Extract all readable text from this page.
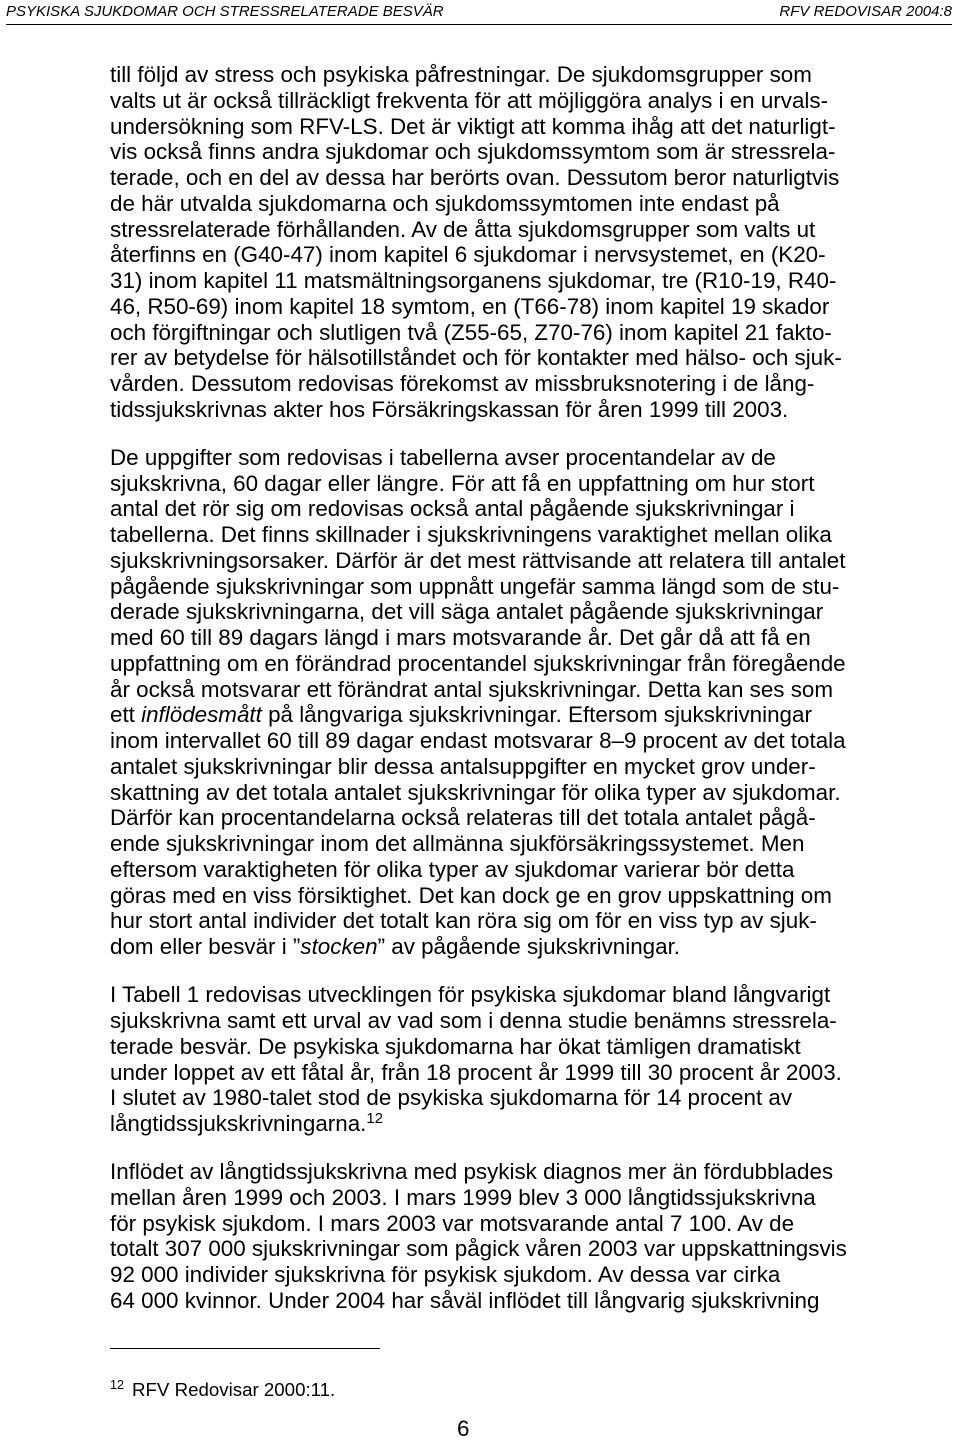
PSYKISKA SJUKDOMAR OCH STRESSRELATERADE BESVÄR	RFV REDOVISAR 2004:8
till följd av stress och psykiska påfrestningar. De sjukdomsgrupper som
valts ut är också tillräckligt frekventa för att möjliggöra analys i en urvals-
undersökning som RFV-LS. Det är viktigt att komma ihåg att det naturligt-
vis också finns andra sjukdomar och sjukdomssymtom som är stressrela-
terade, och en del av dessa har berörts ovan. Dessutom beror naturligtvis
de här utvalda sjukdomarna och sjukdomssymtomen inte endast på
stressrelaterade förhållanden. Av de åtta sjukdomsgrupper som valts ut
återfinns en (G40-47) inom kapitel 6 sjukdomar i nervsystemet, en (K20-
31) inom kapitel 11 matsmältningsorganens sjukdomar, tre (R10-19, R40-
46, R50-69) inom kapitel 18 symtom, en (T66-78) inom kapitel 19 skador
och förgiftningar och slutligen två (Z55-65, Z70-76) inom kapitel 21 fakto-
rer av betydelse för hälsotillståndet och för kontakter med hälso- och sjuk-
vården. Dessutom redovisas förekomst av missbruksnotering i de lång-
tidssjukskrivnas akter hos Försäkringskassan för åren 1999 till 2003.
De uppgifter som redovisas i tabellerna avser procentandelar av de
sjukskrivna, 60 dagar eller längre. För att få en uppfattning om hur stort
antal det rör sig om redovisas också antal pågående sjukskrivningar i
tabellerna. Det finns skillnader i sjukskrivningens varaktighet mellan olika
sjukskrivningsorsaker. Därför är det mest rättvisande att relatera till antalet
pågående sjukskrivningar som uppnått ungefär samma längd som de stu-
derade sjukskrivningarna, det vill säga antalet pågående sjukskrivningar
med 60 till 89 dagars längd i mars motsvarande år. Det går då att få en
uppfattning om en förändrad procentandel sjukskrivningar från föregående
år också motsvarar ett förändrat antal sjukskrivningar. Detta kan ses som
ett inflödesmått på långvariga sjukskrivningar. Eftersom sjukskrivningar
inom intervallet 60 till 89 dagar endast motsvarar 8–9 procent av det totala
antalet sjukskrivningar blir dessa antalsuppgifter en mycket grov under-
skattning av det totala antalet sjukskrivningar för olika typer av sjukdomar.
Därför kan procentandelarna också relateras till det totala antalet pågå-
ende sjukskrivningar inom det allmänna sjukförsäkringssystemet. Men
eftersom varaktigheten för olika typer av sjukdomar varierar bör detta
göras med en viss försiktighet. Det kan dock ge en grov uppskattning om
hur stort antal individer det totalt kan röra sig om för en viss typ av sjuk-
dom eller besvär i ”stocken” av pågående sjukskrivningar.
I Tabell 1 redovisas utvecklingen för psykiska sjukdomar bland långvarigt
sjukskrivna samt ett urval av vad som i denna studie benämns stressrela-
terade besvär. De psykiska sjukdomarna har ökat tämligen dramatiskt
under loppet av ett fåtal år, från 18 procent år 1999 till 30 procent år 2003.
I slutet av 1980-talet stod de psykiska sjukdomarna för 14 procent av
långtidssjukskrivningarna.$^{12}$
Inflödet av långtidssjukskrivna med psykisk diagnos mer än fördubblades
mellan åren 1999 och 2003. I mars 1999 blev 3 000 långtidssjukskrivna
för psykisk sjukdom. I mars 2003 var motsvarande antal 7 100. Av de
totalt 307 000 sjukskrivningar som pågick våren 2003 var uppskattningsvis
92 000 individer sjukskrivna för psykisk sjukdom. Av dessa var cirka
64 000 kvinnor. Under 2004 har såväl inflödet till långvarig sjukskrivning
12 RFV Redovisar 2000:11.
6
